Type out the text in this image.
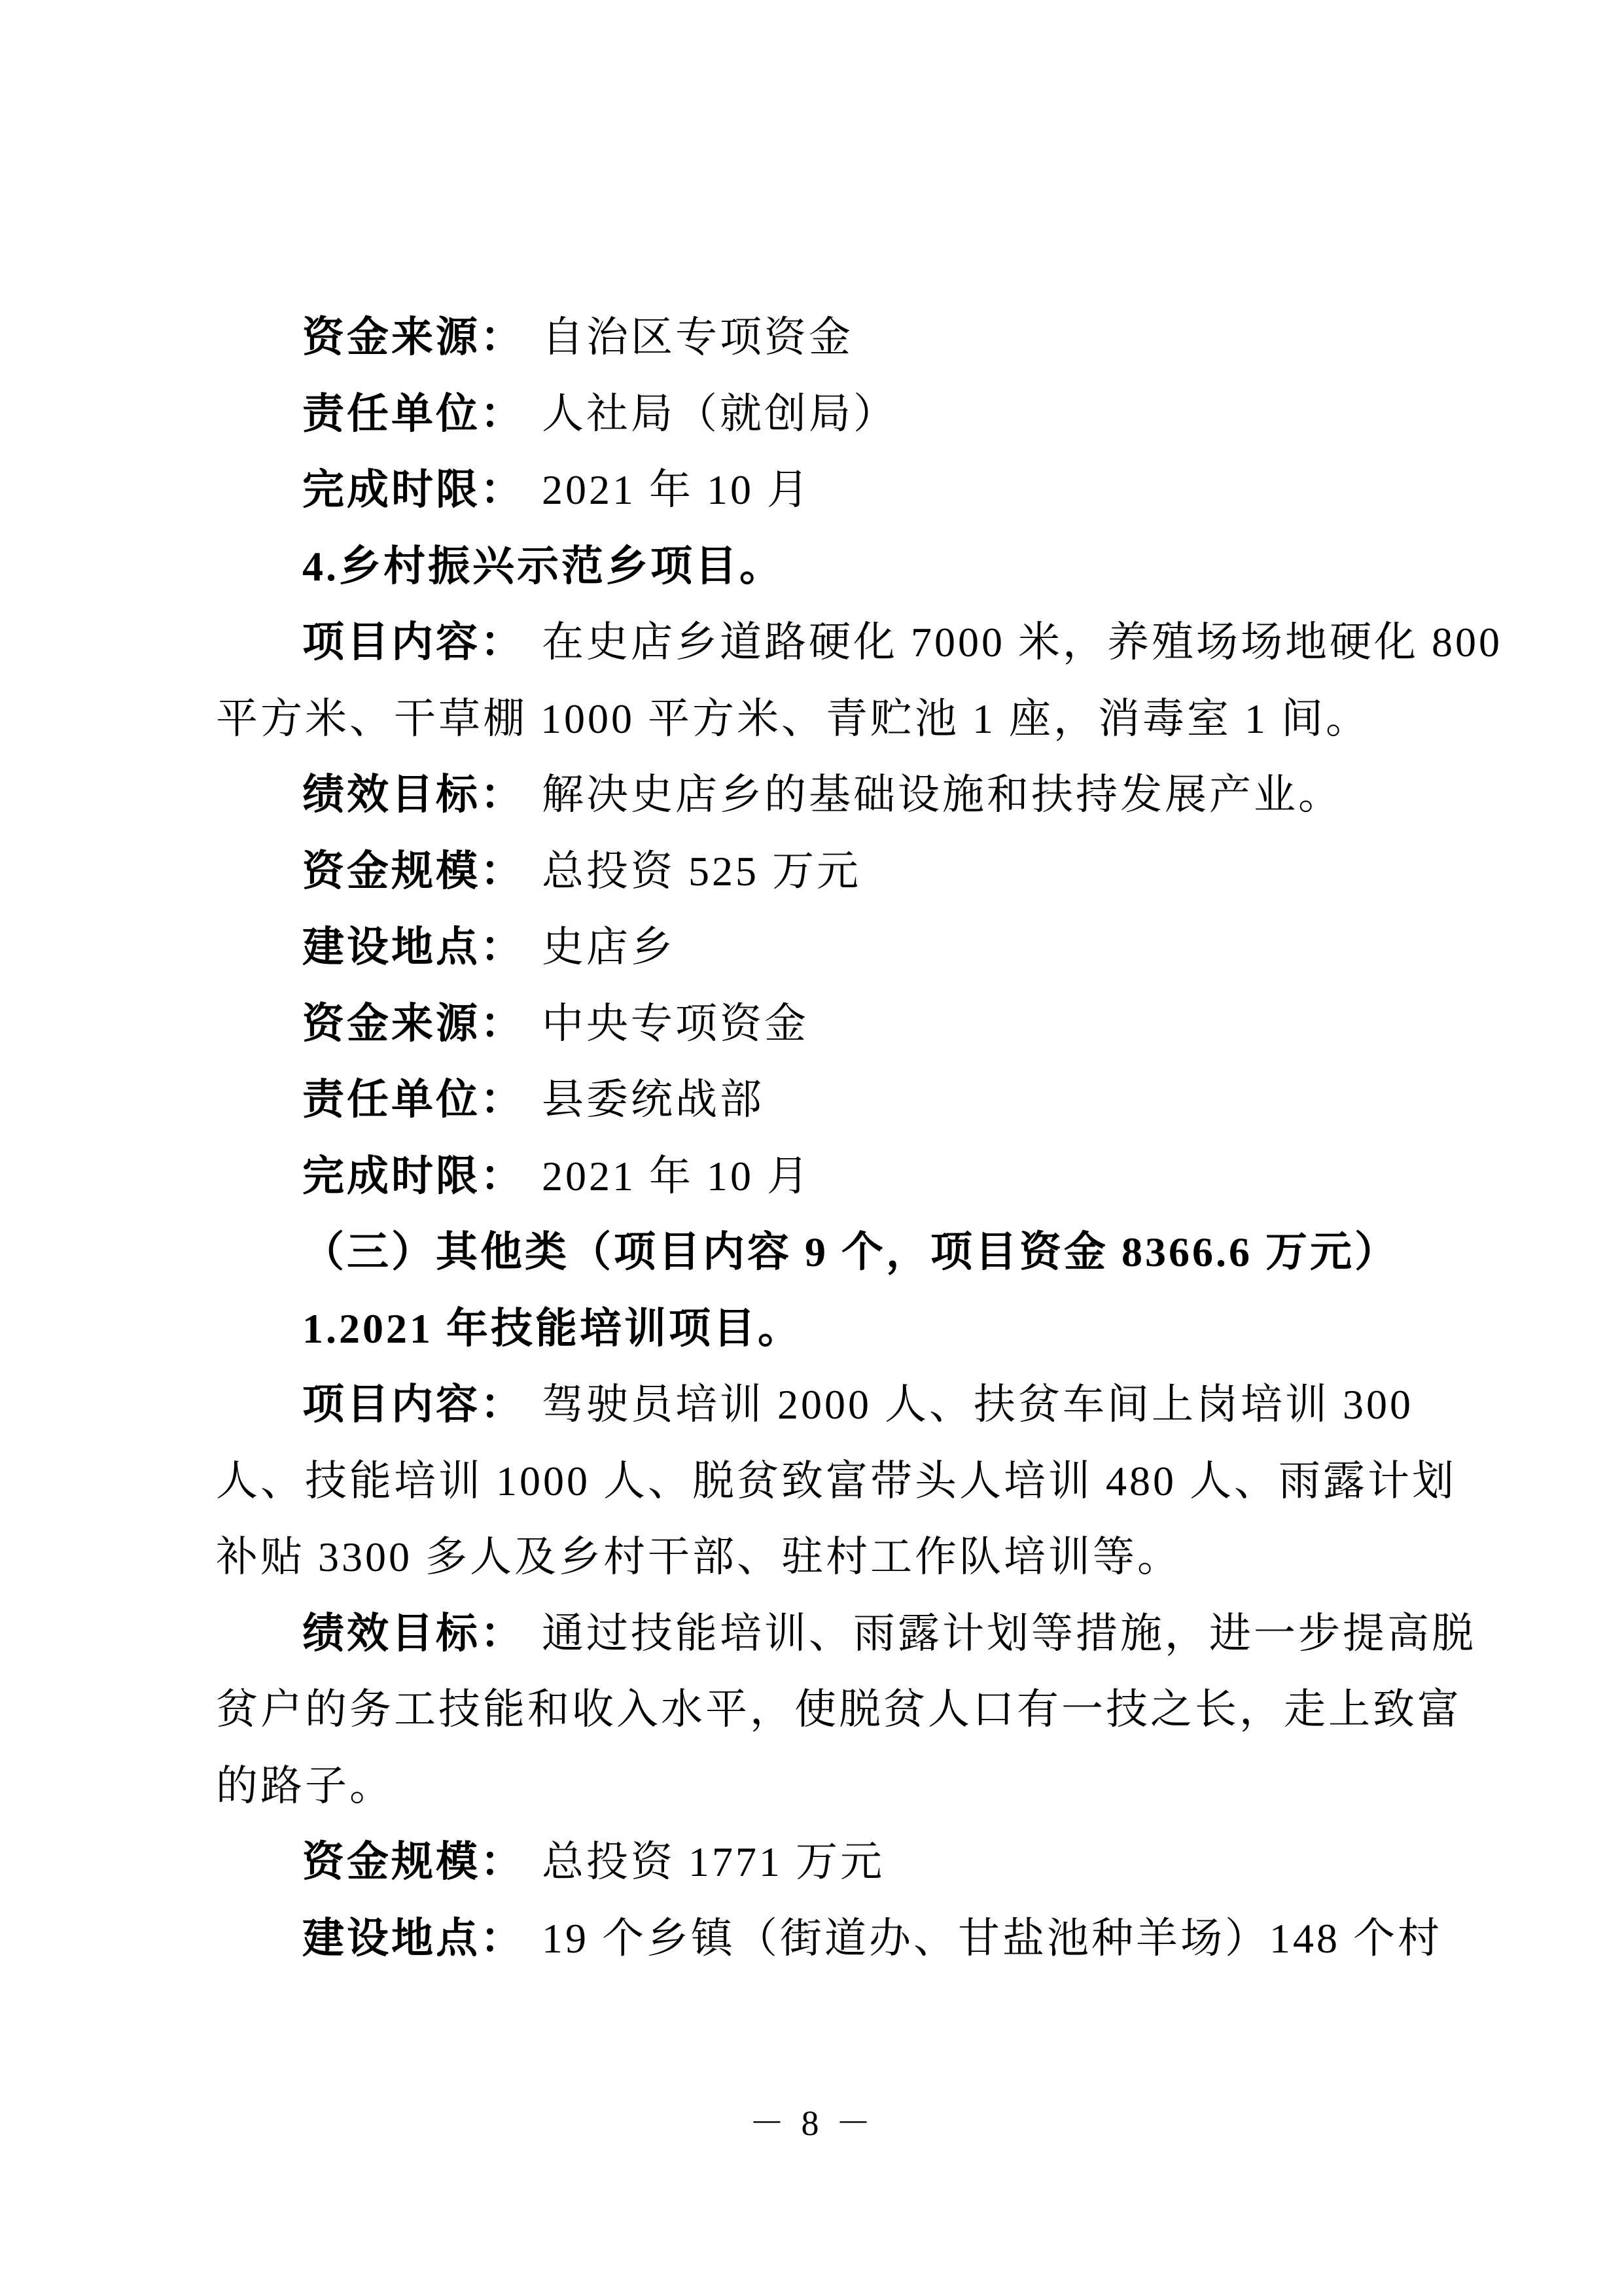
资金来源： 自治区专项资金
责任单位： 人社局（就创局）
完成时限： 2021 年 10 月
4.乡村振兴示范乡项目。
项目内容： 在史店乡道路硬化 7000 米，养殖场场地硬化 800
平方米、干草棚 1000 平方米、青贮池 1 座，消毒室 1 间。
绩效目标： 解决史店乡的基础设施和扶持发展产业。
资金规模： 总投资 525 万元
建设地点： 史店乡
资金来源： 中央专项资金
责任单位： 县委统战部
完成时限： 2021 年 10 月
（三）其他类（项目内容 9 个，项目资金 8366.6 万元）
1.2021 年技能培训项目。
项目内容： 驾驶员培训 2000 人、扶贫车间上岗培训 300
人、技能培训 1000 人、脱贫致富带头人培训 480 人、雨露计划
补贴 3300 多人及乡村干部、驻村工作队培训等。
绩效目标： 通过技能培训、雨露计划等措施，进一步提高脱
贫户的务工技能和收入水平，使脱贫人口有一技之长，走上致富
的路子。
资金规模： 总投资 1771 万元
建设地点： 19 个乡镇（街道办、甘盐池种羊场）148 个村
－ 8 －
